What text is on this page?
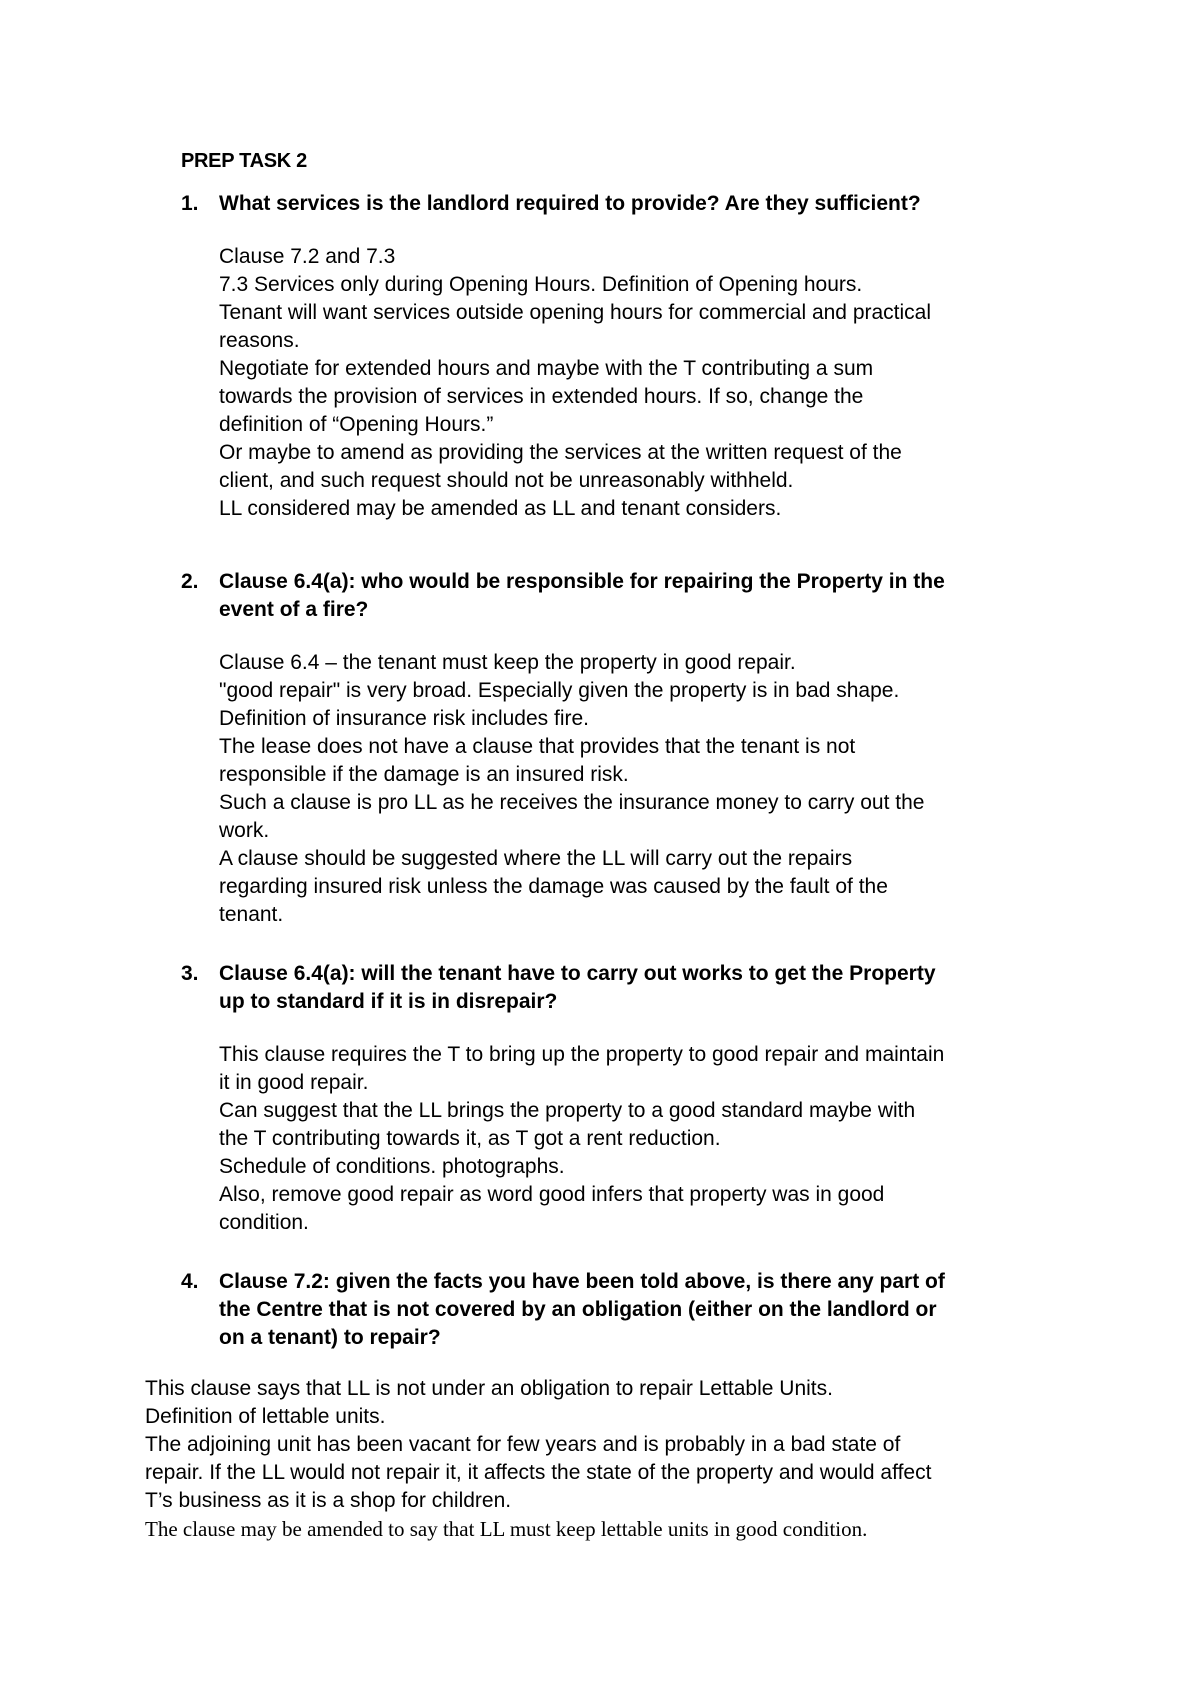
PREP TASK 2
1. What services is the landlord required to provide? Are they sufficient?
Clause 7.2 and 7.3
7.3 Services only during Opening Hours. Definition of Opening hours.
Tenant will want services outside opening hours for commercial and practical
reasons.
Negotiate for extended hours and maybe with the T contributing a sum
towards the provision of services in extended hours. If so, change the
definition of “Opening Hours.”
Or maybe to amend as providing the services at the written request of the
client, and such request should not be unreasonably withheld.
LL considered may be amended as LL and tenant considers.
2. Clause 6.4(a): who would be responsible for repairing the Property in the
event of a fire?
Clause 6.4 – the tenant must keep the property in good repair.
"good repair" is very broad. Especially given the property is in bad shape.
Definition of insurance risk includes fire.
The lease does not have a clause that provides that the tenant is not
responsible if the damage is an insured risk.
Such a clause is pro LL as he receives the insurance money to carry out the
work.
A clause should be suggested where the LL will carry out the repairs
regarding insured risk unless the damage was caused by the fault of the
tenant.
3. Clause 6.4(a): will the tenant have to carry out works to get the Property
up to standard if it is in disrepair?
This clause requires the T to bring up the property to good repair and maintain
it in good repair.
Can suggest that the LL brings the property to a good standard maybe with
the T contributing towards it, as T got a rent reduction.
Schedule of conditions. photographs.
Also, remove good repair as word good infers that property was in good
condition.
4. Clause 7.2: given the facts you have been told above, is there any part of
the Centre that is not covered by an obligation (either on the landlord or
on a tenant) to repair?
This clause says that LL is not under an obligation to repair Lettable Units.
Definition of lettable units.
The adjoining unit has been vacant for few years and is probably in a bad state of
repair. If the LL would not repair it, it affects the state of the property and would affect
T’s business as it is a shop for children.
The clause may be amended to say that LL must keep lettable units in good condition.
